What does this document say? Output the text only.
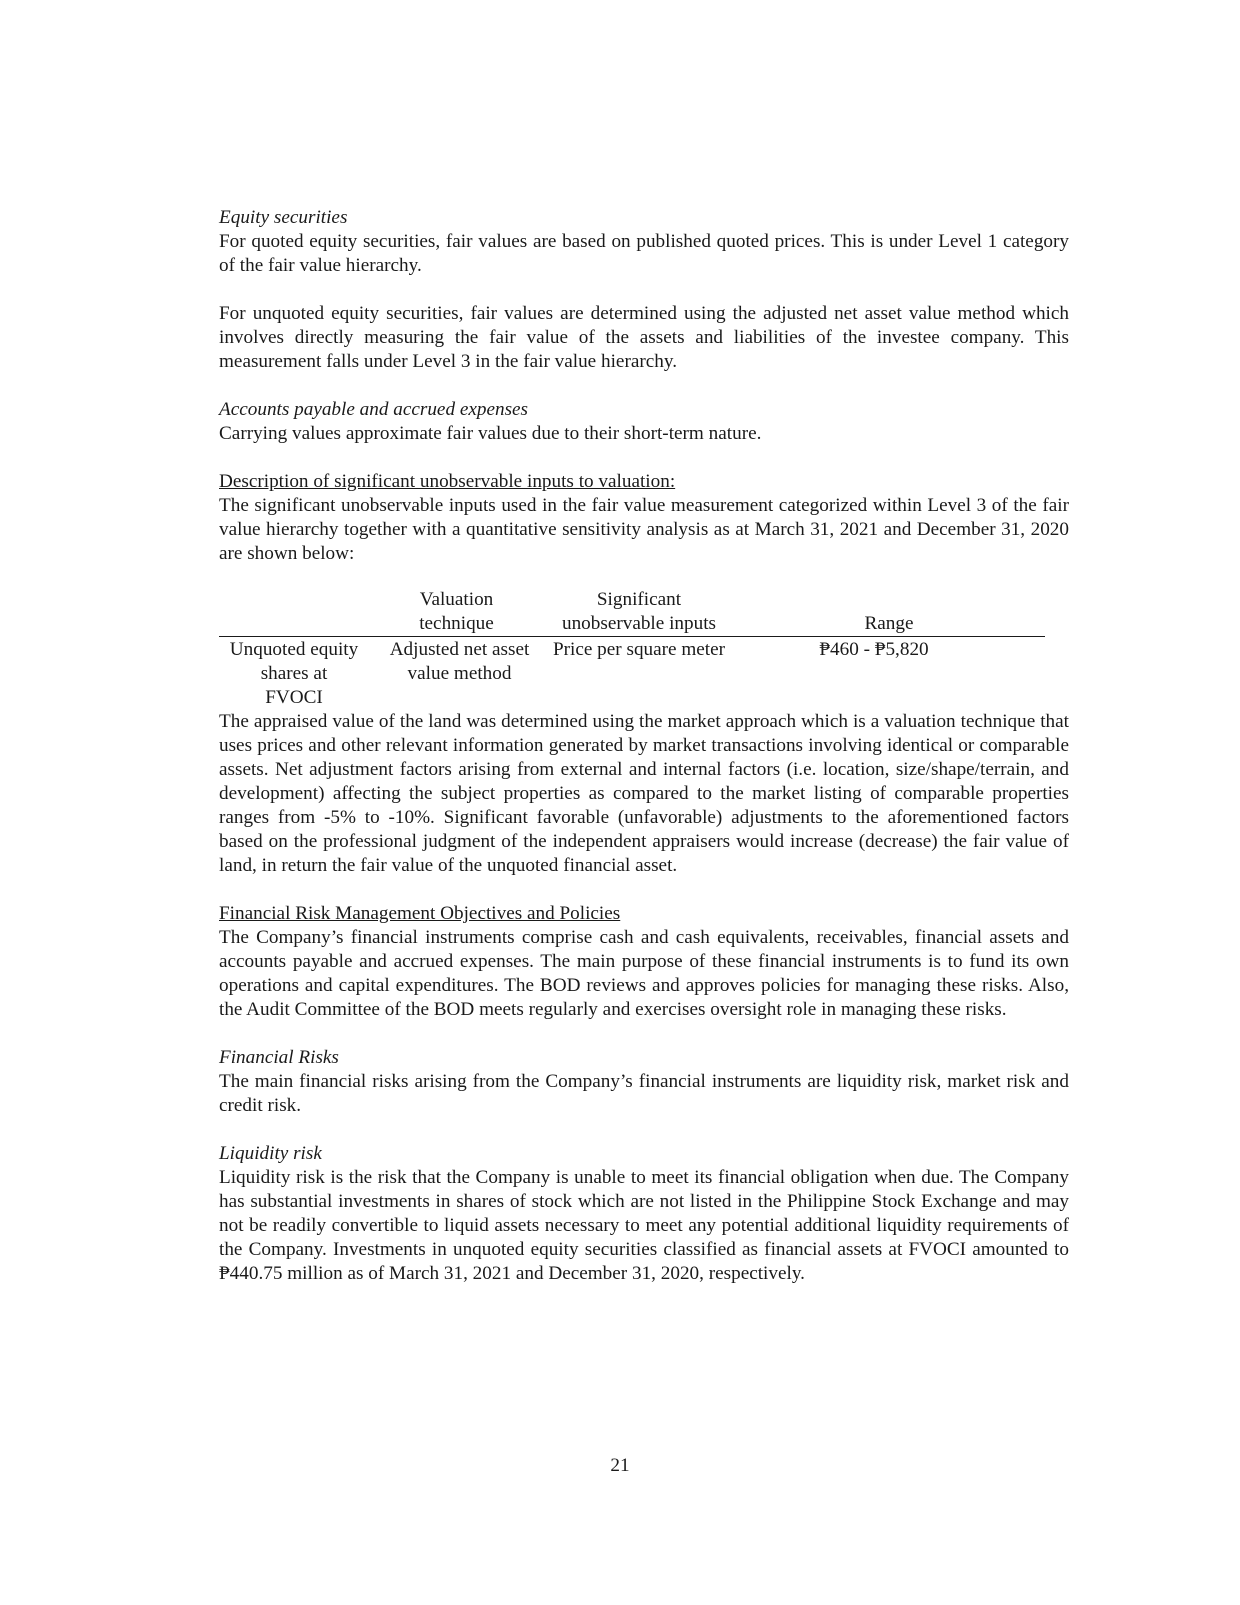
Equity securities

For quoted equity securities, fair values are based on published quoted prices. This is under Level 1 category of the fair value hierarchy.

For unquoted equity securities, fair values are determined using the adjusted net asset value method which involves directly measuring the fair value of the assets and liabilities of the investee company. This measurement falls under Level 3 in the fair value hierarchy.

Accounts payable and accrued expenses

Carrying values approximate fair values due to their short-term nature.

Description of significant unobservable inputs to valuation:

The significant unobservable inputs used in the fair value measurement categorized within Level 3 of the fair value hierarchy together with a quantitative sensitivity analysis as at March 31, 2021 and December 31, 2020 are shown below:

Valuation
technique
Significant
unobservable inputs	Range
Unquoted equity
shares at
FVOCI
Adjusted net asset
value method
Price per square meter	₱460 - ₱5,820

The appraised value of the land was determined using the market approach which is a valuation technique that uses prices and other relevant information generated by market transactions involving identical or comparable assets. Net adjustment factors arising from external and internal factors (i.e. location, size/shape/terrain, and development) affecting the subject properties as compared to the market listing of comparable properties ranges from -5% to -10%. Significant favorable (unfavorable) adjustments to the aforementioned factors based on the professional judgment of the independent appraisers would increase (decrease) the fair value of land, in return the fair value of the unquoted financial asset.

Financial Risk Management Objectives and Policies

The Company’s financial instruments comprise cash and cash equivalents, receivables, financial assets and accounts payable and accrued expenses. The main purpose of these financial instruments is to fund its own operations and capital expenditures. The BOD reviews and approves policies for managing these risks. Also, the Audit Committee of the BOD meets regularly and exercises oversight role in managing these risks.

Financial Risks

The main financial risks arising from the Company’s financial instruments are liquidity risk, market risk and credit risk.

Liquidity risk

Liquidity risk is the risk that the Company is unable to meet its financial obligation when due. The Company has substantial investments in shares of stock which are not listed in the Philippine Stock Exchange and may not be readily convertible to liquid assets necessary to meet any potential additional liquidity requirements of the Company. Investments in unquoted equity securities classified as financial assets at FVOCI amounted to ₱440.75 million as of March 31, 2021 and December 31, 2020, respectively.

21
